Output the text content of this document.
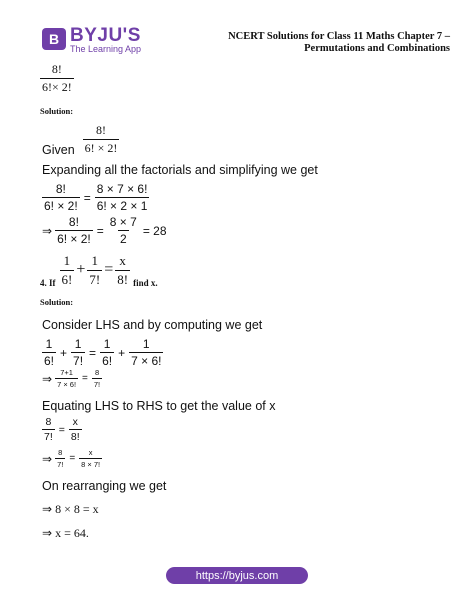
B BYJU'S
The Learning App
NCERT Solutions for Class 11 Maths Chapter 7 –
Permutations and Combinations
$\frac{8!}{6!\times 2!}$
Solution:
Given $\frac{8!}{6! \times 2!}$
Expanding all the factorials and simplifying we get
$\frac{8!}{6! \times 2!} = \frac{8 \times 7 \times 6!}{6! \times 2 \times 1}$
⇒ $\frac{8!}{6! \times 2!} = \frac{8 \times 7}{2} = 28$
4. If $\frac{1}{6!} + \frac{1}{7!} = \frac{x}{8!}$ find x.
Solution:
Consider LHS and by computing we get
$\frac{1}{6!} + \frac{1}{7!} = \frac{1}{6!} + \frac{1}{7 \times 6!}$
⇒ $\frac{7+1}{7 \times 6!} = \frac{8}{7!}$
Equating LHS to RHS to get the value of x
$\frac{8}{7!} = \frac{x}{8!}$
⇒ $\frac{8}{7!} = \frac{x}{8 \times 7!}$
On rearranging we get
⇒ 8 × 8 = x
⇒ x = 64.
https://byjus.com
